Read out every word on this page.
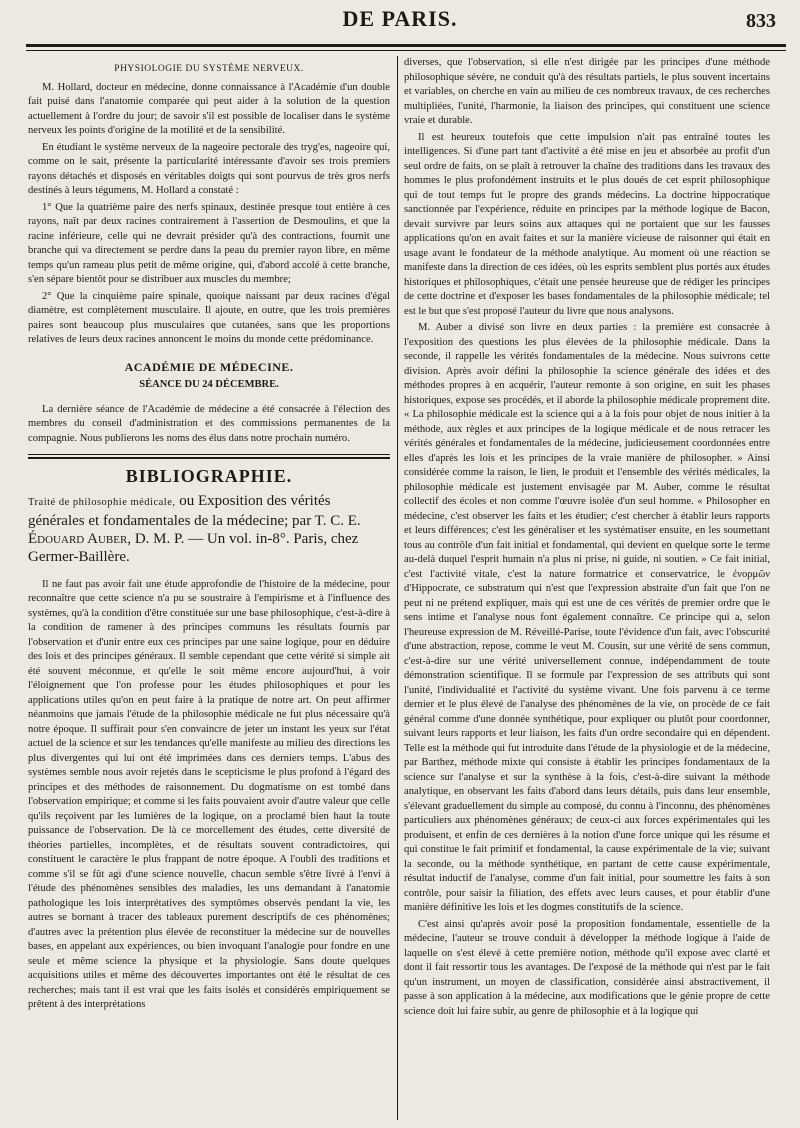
DE PARIS.	833
PHYSIOLOGIE DU SYSTÈME NERVEUX.

M. Hollard, docteur en médecine, donne connaissance à l'Académie d'un double fait puisé dans l'anatomie comparée qui peut aider à la solution de la question actuellement à l'ordre du jour; de savoir s'il est possible de localiser dans le système nerveux les points d'origine de la motilité et de la sensibilité.

En étudiant le système nerveux de la nageoire pectorale des tryg'es, nageoire qui, comme on le sait, présente la particularité intéressante d'avoir ses trois premiers rayons détachés et disposés en véritables doigts qui sont pourvus de très gros nerfs destinés à leurs tégumens, M. Hollard a constaté :

1° Que la quatrième paire des nerfs spinaux, destinée presque tout entière à ces rayons, naît par deux racines contrairement à l'assertion de Desmoulins, et que la racine inférieure, celle qui ne devrait présider qu'à des contractions, fournit une branche qui va directement se perdre dans la peau du premier rayon libre, en même temps qu'un rameau plus petit de même origine, qui, d'abord accolé à cette branche, s'en sépare bientôt pour se distribuer aux muscles du membre;

2° Que la cinquième paire spinale, quoique naissant par deux racines d'égal diamètre, est complètement musculaire. Il ajoute, en outre, que les trois premières paires sont beaucoup plus musculaires que cutanées, sans que les proportions relatives de leurs deux racines annoncent le moins du monde cette prédominance.

ACADÉMIE DE MÉDECINE.
SÉANCE DU 24 DÉCEMBRE.

La dernière séance de l'Académie de médecine a été consacrée à l'élection des membres du conseil d'administration et des commissions permanentes de la compagnie. Nous publierons les noms des élus dans notre prochain numéro.

BIBLIOGRAPHIE.
Traité de philosophie médicale, ou Exposition des vérités générales et fondamentales de la médecine; par T. C. E. Édouard Auber, D. M. P. — Un vol. in-8°. Paris, chez Germer-Baillère.

Il ne faut pas avoir fait une étude approfondie de l'histoire de la médecine, pour reconnaître que cette science n'a pu se soustraire à l'empirisme et à l'influence des systèmes, qu'à la condition d'être constituée sur une base philosophique, c'est-à-dire à la condition de ramener à des principes communs les résultats fournis par l'observation et d'unir entre eux ces principes par une saine logique, pour en déduire des lois et des principes généraux. Il semble cependant que cette vérité si simple ait été souvent méconnue, et qu'elle le soit même encore aujourd'hui, à voir l'éloignement que l'on professe pour les études philosophiques et pour les applications utiles qu'on en peut faire à la pratique de notre art. On peut affirmer néanmoins que jamais l'étude de la philosophie médicale ne fut plus nécessaire qu'à notre époque. Il suffirait pour s'en convaincre de jeter un instant les yeux sur l'état actuel de la science et sur les tendances qu'elle manifeste au milieu des directions les plus divergentes qui lui ont été imprimées dans ces derniers temps. L'abus des systèmes semble nous avoir rejetés dans le scepticisme le plus profond à l'égard des principes et des méthodes de raisonnement. Du dogmatisme on est tombé dans l'observation empirique; et comme si les faits pouvaient avoir d'autre valeur que celle qu'ils reçoivent par les lumières de la logique, on a proclamé bien haut la toute puissance de l'observation. De là ce morcellement des études, cette diversité de théories partielles, incomplètes, et de résultats souvent contradictoires, qui constituent le caractère le plus frappant de notre époque. A l'oubli des traditions et comme s'il se fût agi d'une science nouvelle, chacun semble s'être livré à l'envi à l'étude des phénomènes sensibles des maladies, les uns demandant à l'anatomie pathologique les lois interprétatives des symptômes observés pendant la vie, les autres se bornant à tracer des tableaux purement descriptifs de ces phénomènes; d'autres avec la prétention plus élevée de reconstituer la médecine sur de nouvelles bases, en appelant aux expériences, ou bien invoquant l'analogie pour fondre en une seule et même science la physique et la physiologie. Sans doute quelques acquisitions utiles et même des découvertes importantes ont été le résultat de ces recherches; mais tant il est vrai que les faits isolés et considérés empiriquement se prêtent à des interprétations

diverses, que l'observation, si elle n'est dirigée par les principes d'une méthode philosophique sévère, ne conduit qu'à des résultats partiels, le plus souvent incertains et variables, on cherche en vain au milieu de ces nombreux travaux, de ces recherches multipliées, l'unité, l'harmonie, la liaison des principes, qui constituent une science vraie et durable.

Il est heureux toutefois que cette impulsion n'ait pas entraîné toutes les intelligences. Si d'une part tant d'activité a été mise en jeu et absorbée au profit d'un seul ordre de faits, on se plaît à retrouver la chaîne des traditions dans les travaux des hommes le plus profondément instruits et le plus doués de cet esprit philosophique qui de tout temps fut le propre des grands médecins. La doctrine hippocratique sanctionnée par l'expérience, réduite en principes par la méthode logique de Bacon, devait survivre par leurs soins aux attaques qui ne portaient que sur les fausses applications qu'on en avait faites et sur la manière vicieuse de raisonner qui était en usage avant le fondateur de la méthode analytique. Au moment où une réaction se manifeste dans la direction de ces idées, où les esprits semblent plus portés aux études historiques et philosophiques, c'était une pensée heureuse que de rédiger les principes de cette doctrine et d'exposer les bases fondamentales de la philosophie médicale; tel est le but que s'est proposé l'auteur du livre que nous analysons.

M. Auber a divisé son livre en deux parties : la première est consacrée à l'exposition des questions les plus élevées de la philosophie médicale. Dans la seconde, il rappelle les vérités fondamentales de la médecine. Nous suivrons cette division. Après avoir défini la philosophie la science générale des idées et des méthodes propres à en acquérir, l'auteur remonte à son origine, en suit les phases historiques, expose ses procédés, et il aborde la philosophie médicale proprement dite. « La philosophie médicale est la science qui a à la fois pour objet de nous initier à la méthode, aux règles et aux principes de la logique médicale et de nous retracer les vérités générales et fondamentales de la médecine, judicieusement coordonnées entre elles d'après les lois et les principes de la vraie manière de philosopher. » Ainsi considérée comme la raison, le lien, le produit et l'ensemble des vérités médicales, la philosophie médicale est justement envisagée par M. Auber, comme le résultat collectif des écoles et non comme l'œuvre isolée d'un seul homme. « Philosopher en médecine, c'est observer les faits et les étudier; c'est chercher à établir leurs rapports et leurs différences; c'est les généraliser et les systématiser ensuite, en les soumettant tous au contrôle d'un fait initial et fondamental, qui devient en quelque sorte le terme au-delà duquel l'esprit humain n'a plus ni prise, ni guide, ni soutien. » Ce fait initial, c'est l'activité vitale, c'est la nature formatrice et conservatrice, le ἐνορμῶν d'Hippocrate, ce substratum qui n'est que l'expression abstraite d'un fait que l'on ne peut ni ne prétend expliquer, mais qui est une de ces vérités de premier ordre que le sens intime et l'analyse nous font également connaître. Ce principe qui a, selon l'heureuse expression de M. Réveillé-Parise, toute l'évidence d'un fait, avec l'obscurité d'une abstraction, repose, comme le veut M. Cousin, sur une vérité de sens commun, c'est-à-dire sur une vérité universellement connue, indépendamment de toute démonstration scientifique. Il se formule par l'expression de ses attributs qui sont l'unité, l'individualité et l'activité du système vivant. Une fois parvenu à ce terme dernier et le plus élevé de l'analyse des phénomènes de la vie, on procède de ce fait général comme d'une donnée synthétique, pour expliquer ou plutôt pour coordonner, suivant leurs rapports et leur liaison, les faits d'un ordre secondaire qui en dépendent. Telle est la méthode qui fut introduite dans l'étude de la physiologie et de la médecine, par Barthez, méthode mixte qui consiste à établir les principes fondamentaux de la science sur l'analyse et sur la synthèse à la fois, c'est-à-dire suivant la méthode analytique, en observant les faits d'abord dans leurs détails, puis dans leur ensemble, s'élevant graduellement du simple au composé, du connu à l'inconnu, des phénomènes particuliers aux phénomènes généraux; de ceux-ci aux forces expérimentales qui les produisent, et enfin de ces dernières à la notion d'une force unique qui les résume et qui constitue le fait primitif et fondamental, la cause expérimentale de la vie; suivant la seconde, ou la méthode synthétique, en partant de cette cause expérimentale, résultat inductif de l'analyse, comme d'un fait initial, pour soumettre les faits à son contrôle, pour saisir la filiation, des effets avec leurs causes, et pour établir d'une manière définitive les lois et les dogmes constitutifs de la science.

C'est ainsi qu'après avoir posé la proposition fondamentale, essentielle de la médecine, l'auteur se trouve conduit à développer la méthode logique à l'aide de laquelle on s'est élevé à cette première notion, méthode qu'il expose avec clarté et dont il fait ressortir tous les avantages. De l'exposé de la méthode qui n'est par le fait qu'un instrument, un moyen de classification, considérée ainsi abstractivement, il passe à son application à la médecine, aux modifications que le génie propre de cette science doit lui faire subir, au genre de philosophie et à la logique qui
